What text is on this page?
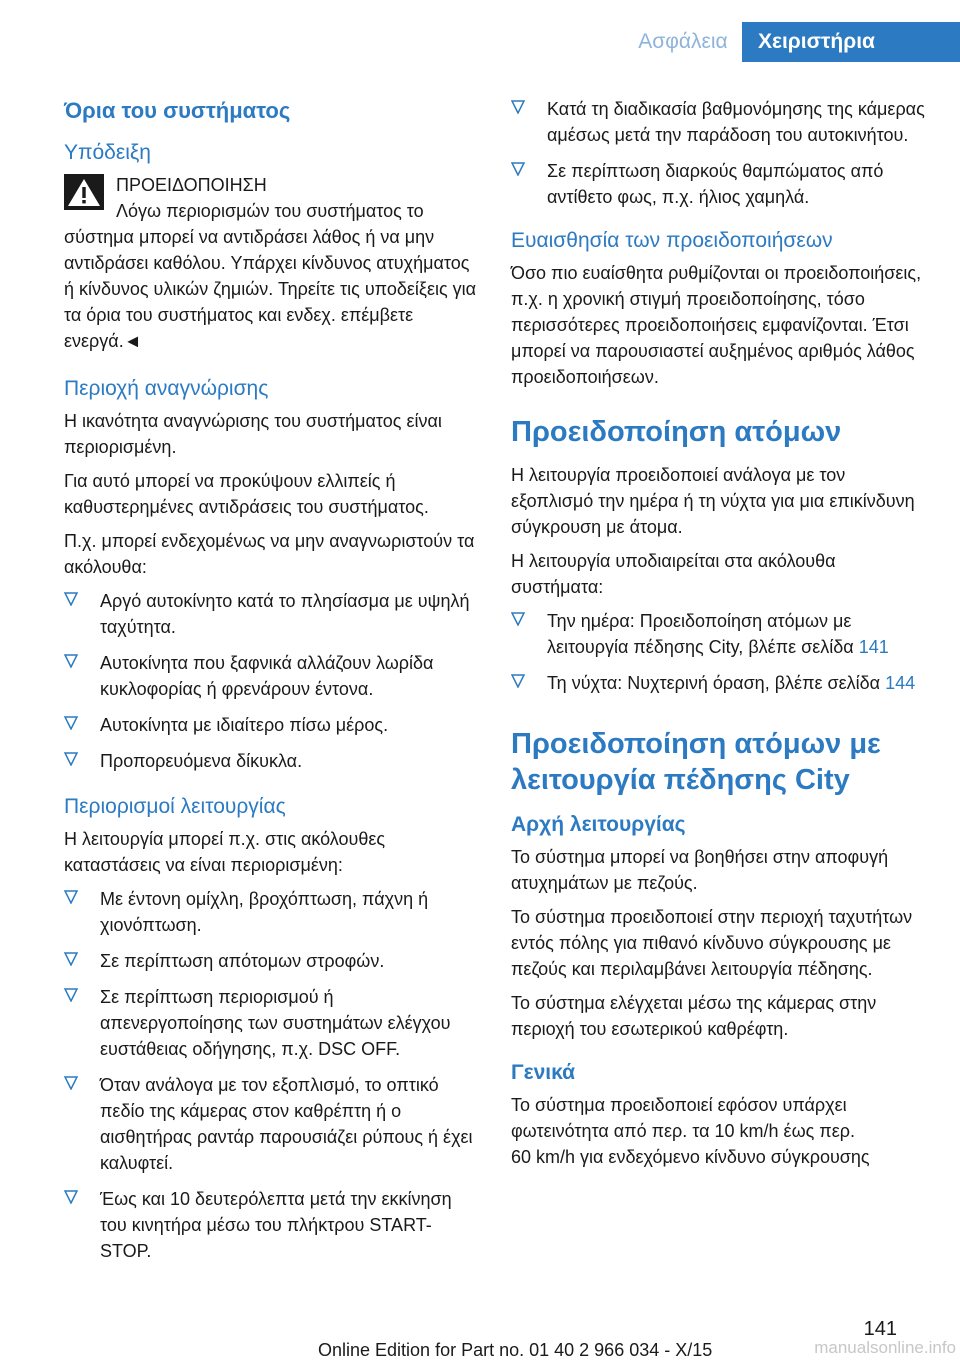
Ασφάλεια	Χειριστήρια
Όρια του συστήματος
Υπόδειξη
ΠΡΟΕΙΔΟΠΟΙΗΣΗ

Λόγω περιορισμών του συστήματος το σύστημα μπορεί να αντιδράσει λάθος ή να μην αντιδράσει καθόλου. Υπάρχει κίνδυνος ατυχήματος ή κίνδυνος υλικών ζημιών. Τηρείτε τις υποδείξεις για τα όρια του συστήματος και ενδεχ. επέμβετε ενεργά.◄

Περιοχή αναγνώρισης

Η ικανότητα αναγνώρισης του συστήματος είναι περιορισμένη.

Για αυτό μπορεί να προκύψουν ελλιπείς ή καθυστερημένες αντιδράσεις του συστήματος.

Π.χ. μπορεί ενδεχομένως να μην αναγνωριστούν τα ακόλουθα:

Αργό αυτοκίνητο κατά το πλησίασμα με υψηλή ταχύτητα.
Αυτοκίνητα που ξαφνικά αλλάζουν λωρίδα κυκλοφορίας ή φρενάρουν έντονα.
Αυτοκίνητα με ιδιαίτερο πίσω μέρος.
Προπορευόμενα δίκυκλα.
Περιορισμοί λειτουργίας

Η λειτουργία μπορεί π.χ. στις ακόλουθες καταστάσεις να είναι περιορισμένη:

Με έντονη ομίχλη, βροχόπτωση, πάχνη ή χιονόπτωση.
Σε περίπτωση απότομων στροφών.
Σε περίπτωση περιορισμού ή απενεργοποίησης των συστημάτων ελέγχου ευστάθειας οδήγησης, π.χ. DSC OFF.
Όταν ανάλογα με τον εξοπλισμό, το οπτικό πεδίο της κάμερας στον καθρέπτη ή ο αισθητήρας ραντάρ παρουσιάζει ρύπους ή έχει καλυφτεί.
Έως και 10 δευτερόλεπτα μετά την εκκίνηση του κινητήρα μέσω του πλήκτρου START-STOP.
Κατά τη διαδικασία βαθμονόμησης της κάμερας αμέσως μετά την παράδοση του αυτοκινήτου.
Σε περίπτωση διαρκούς θαμπώματος από αντίθετο φως, π.χ. ήλιος χαμηλά.
Ευαισθησία των προειδοποιήσεων

Όσο πιο ευαίσθητα ρυθμίζονται οι προειδοποιήσεις, π.χ. η χρονική στιγμή προειδοποίησης, τόσο περισσότερες προειδοποιήσεις εμφανίζονται. Έτσι μπορεί να παρουσιαστεί αυξημένος αριθμός λάθος προειδοποιήσεων.

Προειδοποίηση ατόμων

Η λειτουργία προειδοποιεί ανάλογα με τον εξοπλισμό την ημέρα ή τη νύχτα για μια επικίνδυνη σύγκρουση με άτομα.

Η λειτουργία υποδιαιρείται στα ακόλουθα συστήματα:

Την ημέρα: Προειδοποίηση ατόμων με λειτουργία πέδησης City, βλέπε σελίδα 141
Τη νύχτα: Νυχτερινή όραση, βλέπε σελίδα 144
Προειδοποίηση ατόμων με λειτουργία πέδησης City
Αρχή λειτουργίας

Το σύστημα μπορεί να βοηθήσει στην αποφυγή ατυχημάτων με πεζούς.

Το σύστημα προειδοποιεί στην περιοχή ταχυτήτων εντός πόλης για πιθανό κίνδυνο σύγκρουσης με πεζούς και περιλαμβάνει λειτουργία πέδησης.

Το σύστημα ελέγχεται μέσω της κάμερας στην περιοχή του εσωτερικού καθρέφτη.

Γενικά

Το σύστημα προειδοποιεί εφόσον υπάρχει φωτεινότητα από περ. τα 10 km/h έως περ.

60 km/h για ενδεχόμενο κίνδυνο σύγκρουσης

141
Online Edition for Part no. 01 40 2 966 034 - X/15	manualsonline.info
